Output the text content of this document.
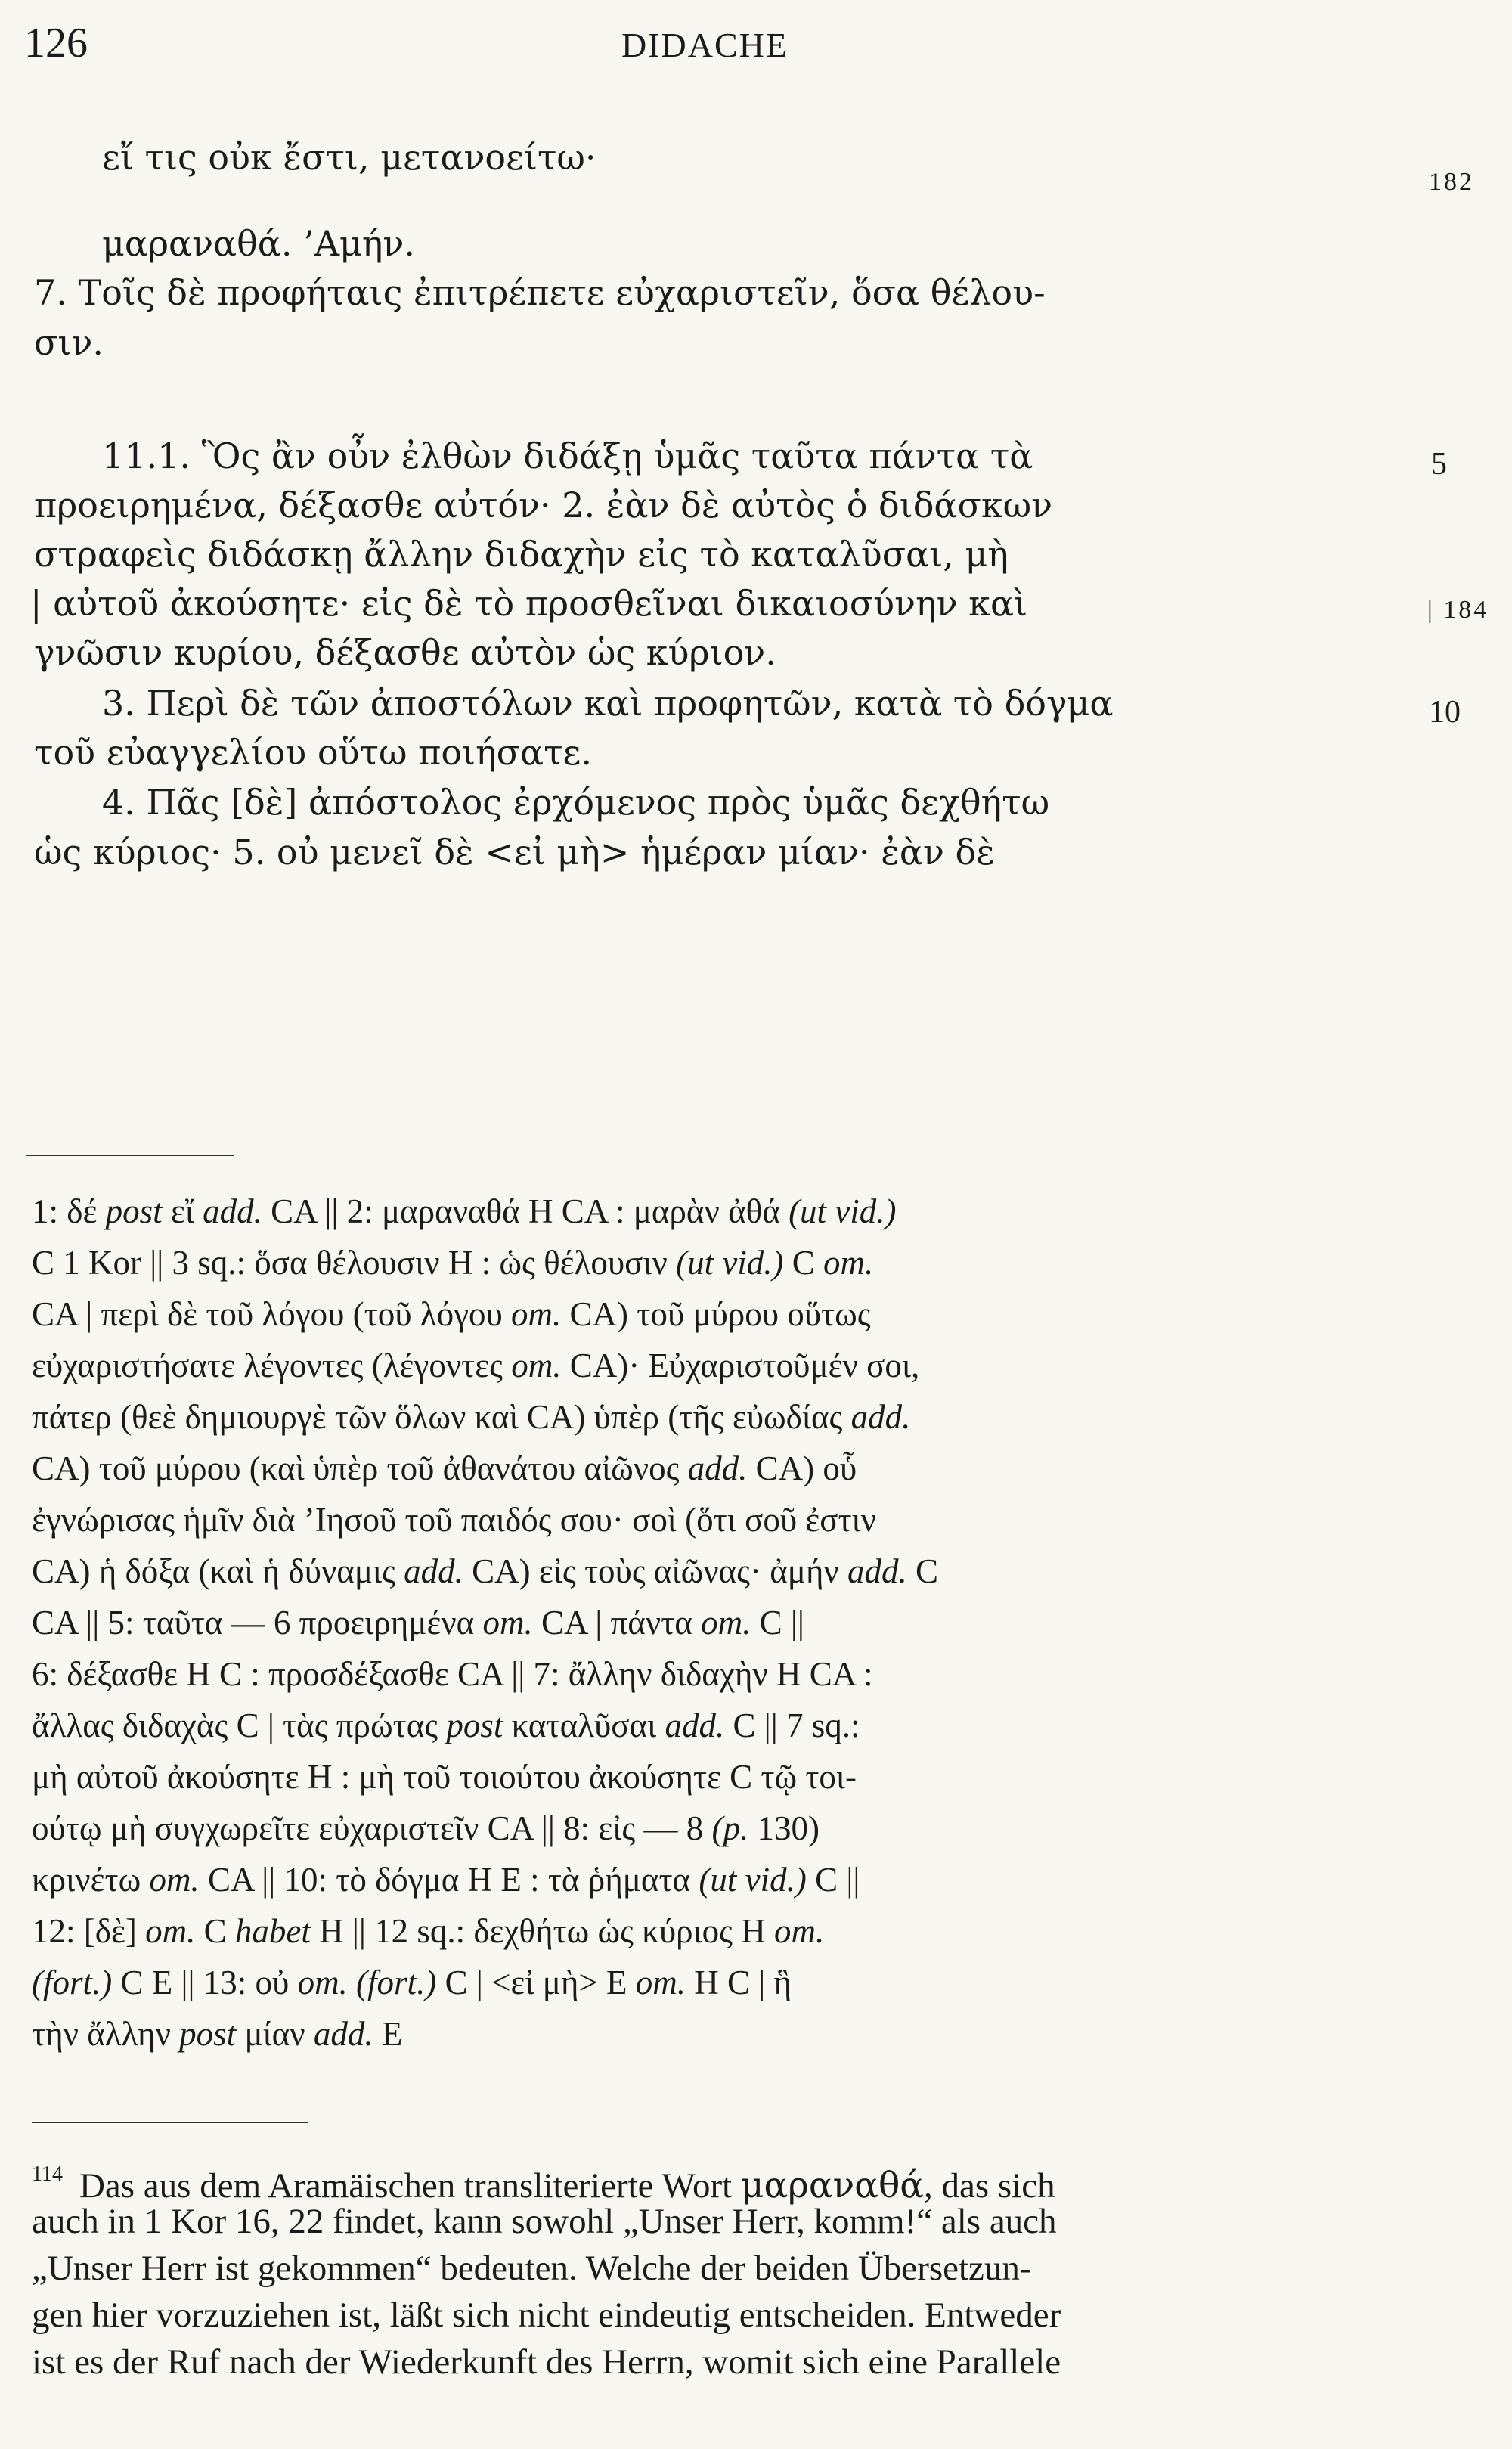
126	DIDACHE
εἴ τις οὐκ ἔστι, μετανοείτω·
μαραναθά. ’Αμήν.
7. Τοῖς δὲ προφήταις ἐπιτρέπετε εὐχαριστεῖν, ὅσα θέλου-
σιν.
11.1. Ὃς ἂν οὖν ἐλθὼν διδάξῃ ὑμᾶς ταῦτα πάντα τὰ
προειρημένα, δέξασθε αὐτόν· 2. ἐὰν δὲ αὐτὸς ὁ διδάσκων
στραφεὶς διδάσκῃ ἄλλην διδαχὴν εἰς τὸ καταλῦσαι, μὴ
| αὐτοῦ ἀκούσητε· εἰς δὲ τὸ προσθεῖναι δικαιοσύνην καὶ
γνῶσιν κυρίου, δέξασθε αὐτὸν ὡς κύριον.
3. Περὶ δὲ τῶν ἀποστόλων καὶ προφητῶν, κατὰ τὸ δόγμα
τοῦ εὐαγγελίου οὕτω ποιήσατε.
4. Πᾶς [δὲ] ἀπόστολος ἐρχόμενος πρὸς ὑμᾶς δεχθήτω
ὡς κύριος· 5. οὐ μενεῖ δὲ <εἰ μὴ> ἡμέραν μίαν· ἐὰν δὲ
182
5
| 184
10
1: δέ post εἴ add. CA || 2: μαραναθά H CA : μαρὰν ἀθά (ut vid.)
C 1 Kor || 3 sq.: ὅσα θέλουσιν H : ὡς θέλουσιν (ut vid.) C om.
CA | περὶ δὲ τοῦ λόγου (τοῦ λόγου om. CA) τοῦ μύρου οὕτως
εὐχαριστήσατε λέγοντες (λέγοντες om. CA)· Εὐχαριστοῦμέν σοι,
πάτερ (θεὲ δημιουργὲ τῶν ὅλων καὶ CA) ὑπὲρ (τῆς εὐωδίας add.
CA) τοῦ μύρου (καὶ ὑπὲρ τοῦ ἀθανάτου αἰῶνος add. CA) οὗ
ἐγνώρισας ἡμῖν διὰ ’Ιησοῦ τοῦ παιδός σου· σοὶ (ὅτι σοῦ ἐστιν
CA) ἡ δόξα (καὶ ἡ δύναμις add. CA) εἰς τοὺς αἰῶνας· ἀμήν add. C
CA || 5: ταῦτα — 6 προειρημένα om. CA | πάντα om. C ||
6: δέξασθε H C : προσδέξασθε CA || 7: ἄλλην διδαχὴν H CA :
ἄλλας διδαχὰς C | τὰς πρώτας post καταλῦσαι add. C || 7 sq.:
μὴ αὐτοῦ ἀκούσητε H : μὴ τοῦ τοιούτου ἀκούσητε C τῷ τοι-
ούτῳ μὴ συγχωρεῖτε εὐχαριστεῖν CA || 8: εἰς — 8 (p. 130)
κρινέτω om. CA || 10: τὸ δόγμα H E : τὰ ῥήματα (ut vid.) C ||
12: [δὲ] om. C habet H || 12 sq.: δεχθήτω ὡς κύριος H om.
(fort.) C E || 13: οὐ om. (fort.) C | <εἰ μὴ> E om. H C | ἣ
τὴν ἄλλην post μίαν add. E
$^{114}$ Das aus dem Aramäischen transliterierte Wort μαραναθά, das sich
auch in 1 Kor 16, 22 findet, kann sowohl „Unser Herr, komm!“ als auch
„Unser Herr ist gekommen“ bedeuten. Welche der beiden Übersetzun-
gen hier vorzuziehen ist, läßt sich nicht eindeutig entscheiden. Entweder
ist es der Ruf nach der Wiederkunft des Herrn, womit sich eine Parallele
